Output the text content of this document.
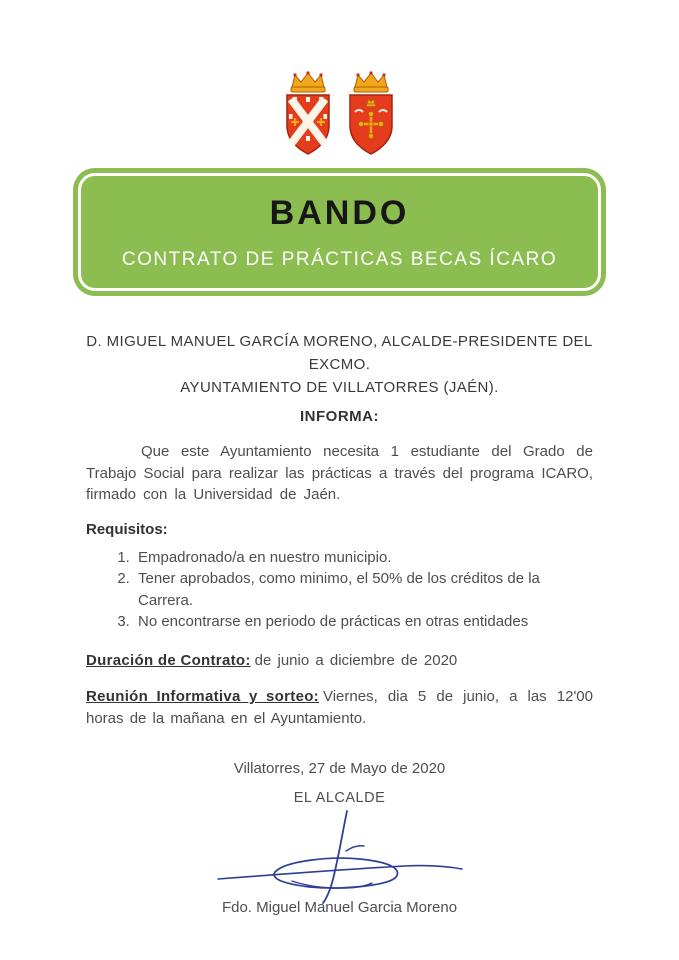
BANDO
CONTRATO DE PRÁCTICAS BECAS ÍCARO
D. MIGUEL MANUEL GARCÍA MORENO, ALCALDE-PRESIDENTE DEL EXCMO.
AYUNTAMIENTO DE VILLATORRES (JAÉN).
INFORMA:

Que este Ayuntamiento necesita 1 estudiante del Grado de Trabajo Social para realizar las prácticas a través del programa ICARO, firmado con la Universidad de Jaén.

Requisitos:
1. Empadronado/a en nuestro municipio.
2. Tener aprobados, como minimo, el 50% de los créditos de la Carrera.
3. No encontrarse en periodo de prácticas en otras entidades

Duración de Contrato: de junio a diciembre de 2020

Reunión Informativa y sorteo: Viernes, dia 5 de junio, a las 12'00 horas de la mañana en el Ayuntamiento.

Villatorres, 27 de Mayo de 2020
EL ALCALDE
Fdo. Miguel Manuel Garcia Moreno
